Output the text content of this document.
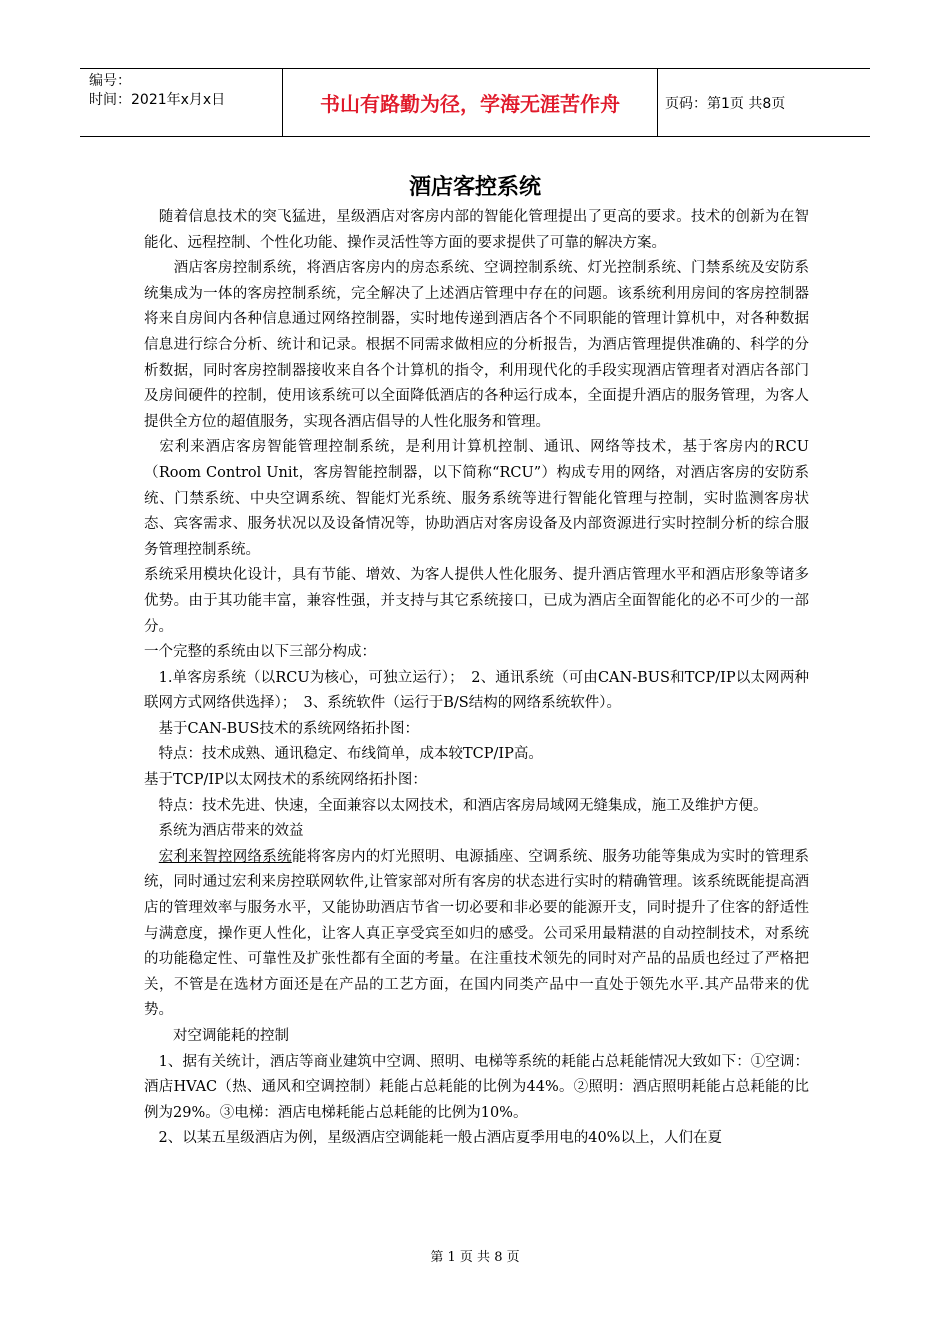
编号：
时间：2021年x月x日	书山有路勤为径，学海无涯苦作舟	页码：第1页 共8页
酒店客控系统

　随着信息技术的突飞猛进，星级酒店对客房内部的智能化管理提出了更高的要求。技术的创新为在智能化、远程控制、个性化功能、操作灵活性等方面的要求提供了可靠的解决方案。

　　酒店客房控制系统，将酒店客房内的房态系统、空调控制系统、灯光控制系统、门禁系统及安防系统集成为一体的客房控制系统，完全解决了上述酒店管理中存在的问题。该系统利用房间的客房控制器将来自房间内各种信息通过网络控制器，实时地传递到酒店各个不同职能的管理计算机中，对各种数据信息进行综合分析、统计和记录。根据不同需求做相应的分析报告，为酒店管理提供准确的、科学的分析数据，同时客房控制器接收来自各个计算机的指令，利用现代化的手段实现酒店管理者对酒店各部门及房间硬件的控制，使用该系统可以全面降低酒店的各种运行成本，全面提升酒店的服务管理，为客人提供全方位的超值服务，实现各酒店倡导的人性化服务和管理。

　宏利来酒店客房智能管理控制系统，是利用计算机控制、通讯、网络等技术，基于客房内的RCU（Room Control Unit，客房智能控制器，以下简称“RCU”）构成专用的网络，对酒店客房的安防系统、门禁系统、中央空调系统、智能灯光系统、服务系统等进行智能化管理与控制，实时监测客房状态、宾客需求、服务状况以及设备情况等，协助酒店对客房设备及内部资源进行实时控制分析的综合服务管理控制系统。

系统采用模块化设计，具有节能、增效、为客人提供人性化服务、提升酒店管理水平和酒店形象等诸多优势。由于其功能丰富，兼容性强，并支持与其它系统接口，已成为酒店全面智能化的必不可少的一部分。

一个完整的系统由以下三部分构成：

　1.单客房系统（以RCU为核心，可独立运行）；　2、通讯系统（可由CAN-BUS和TCP/IP以太网两种联网方式网络供选择）；　3、系统软件（运行于B/S结构的网络系统软件）。

　基于CAN-BUS技术的系统网络拓扑图：

　特点：技术成熟、通讯稳定、布线简单，成本较TCP/IP高。

基于TCP/IP以太网技术的系统网络拓扑图：

　特点：技术先进、快速，全面兼容以太网技术，和酒店客房局域网无缝集成，施工及维护方便。

　系统为酒店带来的效益

　宏利来智控网络系统能将客房内的灯光照明、电源插座、空调系统、服务功能等集成为实时的管理系统，同时通过宏利来房控联网软件,让管家部对所有客房的状态进行实时的精确管理。该系统既能提高酒店的管理效率与服务水平，又能协助酒店节省一切必要和非必要的能源开支，同时提升了住客的舒适性与满意度，操作更人性化，让客人真正享受宾至如归的感受。公司采用最精湛的自动控制技术，对系统的功能稳定性、可靠性及扩张性都有全面的考量。在注重技术领先的同时对产品的品质也经过了严格把关，不管是在选材方面还是在产品的工艺方面，在国内同类产品中一直处于领先水平.其产品带来的优势。

　　对空调能耗的控制

　1、据有关统计，酒店等商业建筑中空调、照明、电梯等系统的耗能占总耗能情况大致如下：①空调：酒店HVAC（热、通风和空调控制）耗能占总耗能的比例为44%。②照明：酒店照明耗能占总耗能的比例为29%。③电梯：酒店电梯耗能占总耗能的比例为10%。

　2、以某五星级酒店为例，星级酒店空调能耗一般占酒店夏季用电的40%以上，人们在夏

第 1 页 共 8 页
